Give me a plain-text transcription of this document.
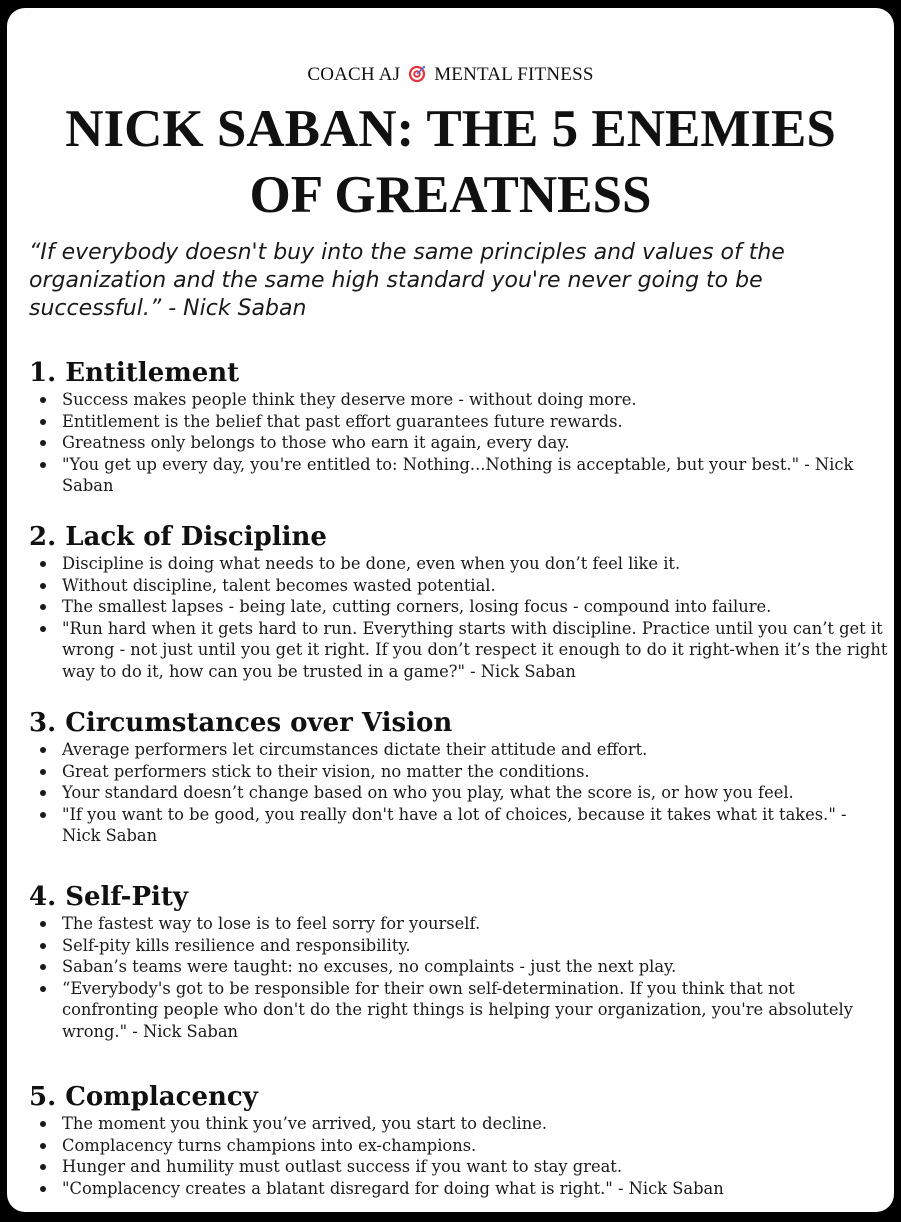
COACH AJ MENTAL FITNESS
NICK SABAN: THE 5 ENEMIES
OF GREATNESS

“If everybody doesn't buy into the same principles and values of the organization and the same high standard you're never going to be successful.” - Nick Saban

1. Entitlement
Success makes people think they deserve more - without doing more.
Entitlement is the belief that past effort guarantees future rewards.
Greatness only belongs to those who earn it again, every day.
"You get up every day, you're entitled to: Nothing...Nothing is acceptable, but your best." - Nick Saban
2. Lack of Discipline
Discipline is doing what needs to be done, even when you don’t feel like it.
Without discipline, talent becomes wasted potential.
The smallest lapses - being late, cutting corners, losing focus - compound into failure.
"Run hard when it gets hard to run. Everything starts with discipline. Practice until you can’t get it wrong - not just until you get it right. If you don’t respect it enough to do it right-when it’s the right way to do it, how can you be trusted in a game?" - Nick Saban
3. Circumstances over Vision
Average performers let circumstances dictate their attitude and effort.
Great performers stick to their vision, no matter the conditions.
Your standard doesn’t change based on who you play, what the score is, or how you feel.
"If you want to be good, you really don't have a lot of choices, because it takes what it takes." - Nick Saban
4. Self-Pity
The fastest way to lose is to feel sorry for yourself.
Self-pity kills resilience and responsibility.
Saban’s teams were taught: no excuses, no complaints - just the next play.
“Everybody's got to be responsible for their own self-determination. If you think that not confronting people who don't do the right things is helping your organization, you're absolutely wrong." - Nick Saban
5. Complacency
The moment you think you’ve arrived, you start to decline.
Complacency turns champions into ex-champions.
Hunger and humility must outlast success if you want to stay great.
"Complacency creates a blatant disregard for doing what is right." - Nick Saban
